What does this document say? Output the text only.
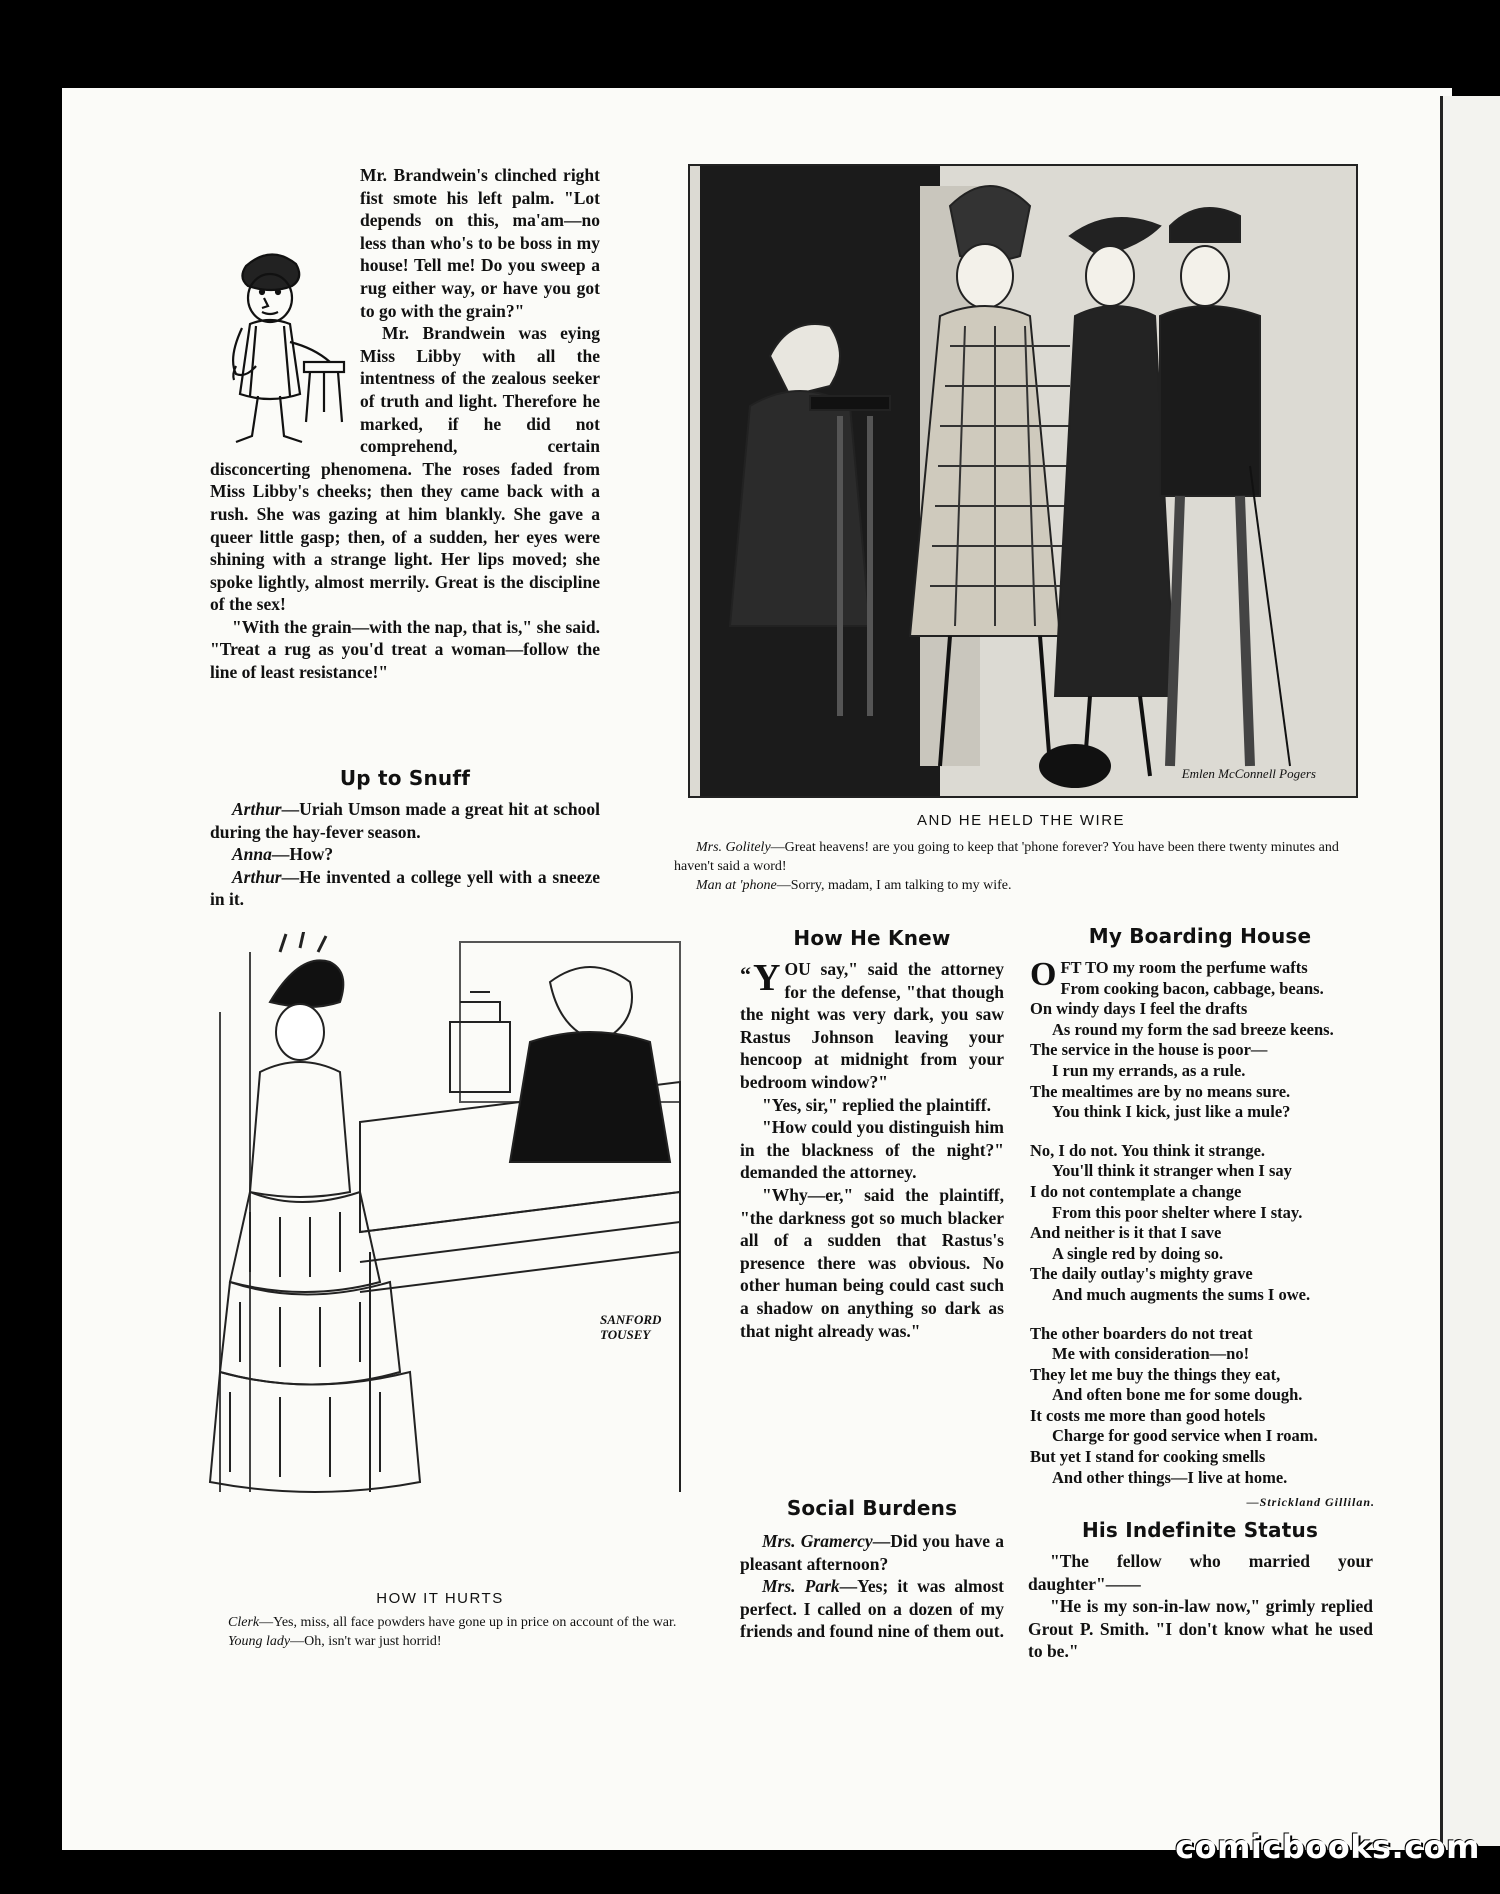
Mr. Brandwein's clinched right fist smote his left palm. "Lot depends on this, ma'am—no less than who's to be boss in my house! Tell me! Do you sweep a rug either way, or have you got to go with the grain?"

Mr. Brandwein was eying Miss Libby with all the intentness of the zealous seeker of truth and light. Therefore he marked, if he did not comprehend, certain disconcerting phenomena. The roses faded from Miss Libby's cheeks; then they came back with a rush. She was gazing at him blankly. She gave a queer little gasp; then, of a sudden, her eyes were shining with a strange light. Her lips moved; she spoke lightly, almost merrily. Great is the discipline of the sex!

"With the grain—with the nap, that is," she said. "Treat a rug as you'd treat a woman—follow the line of least resistance!"

Up to Snuff

Arthur—Uriah Umson made a great hit at school during the hay-fever season.

Anna—How?

Arthur—He invented a college yell with a sneeze in it.

Emlen McConnell Pogers
AND HE HELD THE WIRE

Mrs. Golitely—Great heavens! are you going to keep that 'phone forever? You have been there twenty minutes and haven't said a word!

Man at 'phone—Sorry, madam, I am talking to my wife.

SANFORD TOUSEY
HOW IT HURTS

Clerk—Yes, miss, all face powders have gone up in price on account of the war.

Young lady—Oh, isn't war just horrid!

How He Knew

“ Y OU say," said the attorney for the defense, "that though the night was very dark, you saw Rastus Johnson leaving your hencoop at midnight from your bedroom window?"

"Yes, sir," replied the plaintiff.

"How could you distinguish him in the blackness of the night?" demanded the attorney.

"Why—er," said the plaintiff, "the darkness got so much blacker all of a sudden that Rastus's presence there was obvious. No other human being could cast such a shadow on anything so dark as that night already was."

Social Burdens

Mrs. Gramercy—Did you have a pleasant afternoon?

Mrs. Park—Yes; it was almost perfect. I called on a dozen of my friends and found nine of them out.

My Boarding House
OFT TO my room the perfume wafts
From cooking bacon, cabbage, beans.
On windy days I feel the drafts
As round my form the sad breeze keens.
The service in the house is poor—
I run my errands, as a rule.
The mealtimes are by no means sure.
You think I kick, just like a mule?
No, I do not. You think it strange.
You'll think it stranger when I say
I do not contemplate a change
From this poor shelter where I stay.
And neither is it that I save
A single red by doing so.
The daily outlay's mighty grave
And much augments the sums I owe.
The other boarders do not treat
Me with consideration—no!
They let me buy the things they eat,
And often bone me for some dough.
It costs me more than good hotels
Charge for good service when I roam.
But yet I stand for cooking smells
And other things—I live at home.
—Strickland Gillilan.
His Indefinite Status

"The fellow who married your daughter"——

"He is my son-in-law now," grimly replied Grout P. Smith. "I don't know what he used to be."

comicbooks.com
